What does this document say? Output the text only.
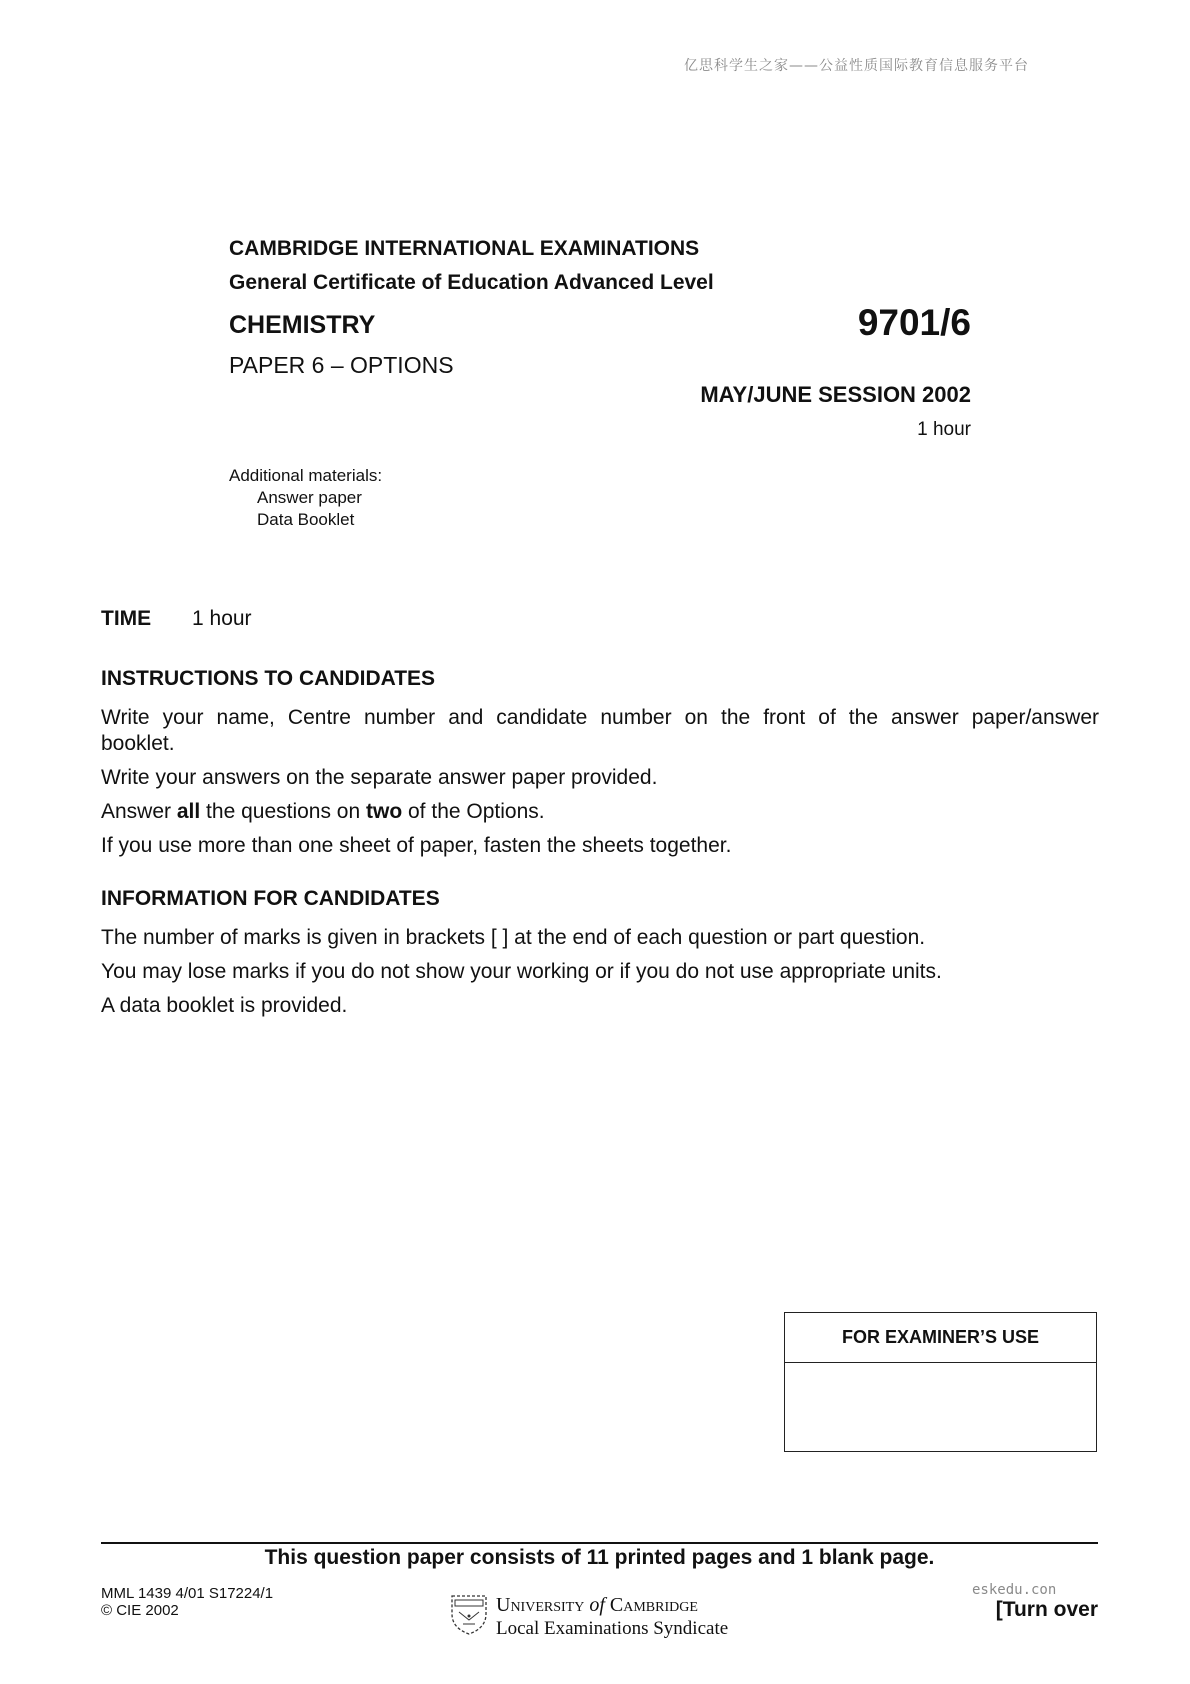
亿思科学生之家——公益性质国际教育信息服务平台
CAMBRIDGE INTERNATIONAL EXAMINATIONS
General Certificate of Education Advanced Level
CHEMISTRY	9701/6
PAPER 6 – OPTIONS
MAY/JUNE SESSION 2002
1 hour
Additional materials:
Answer paper
Data Booklet
TIME 1 hour
INSTRUCTIONS TO CANDIDATES

Write your name, Centre number and candidate number on the front of the answer paper/answer

booklet.

Write your answers on the separate answer paper provided.

Answer all the questions on two of the Options.

If you use more than one sheet of paper, fasten the sheets together.

INFORMATION FOR CANDIDATES

The number of marks is given in brackets [ ] at the end of each question or part question.

You may lose marks if you do not show your working or if you do not use appropriate units.

A data booklet is provided.

FOR EXAMINER’S USE
This question paper consists of 11 printed pages and 1 blank page.
MML 1439 4/01 S17224/1
© CIE 2002	University of Cambridge
Local Examinations Syndicate
eskedu.con
[Turn over
